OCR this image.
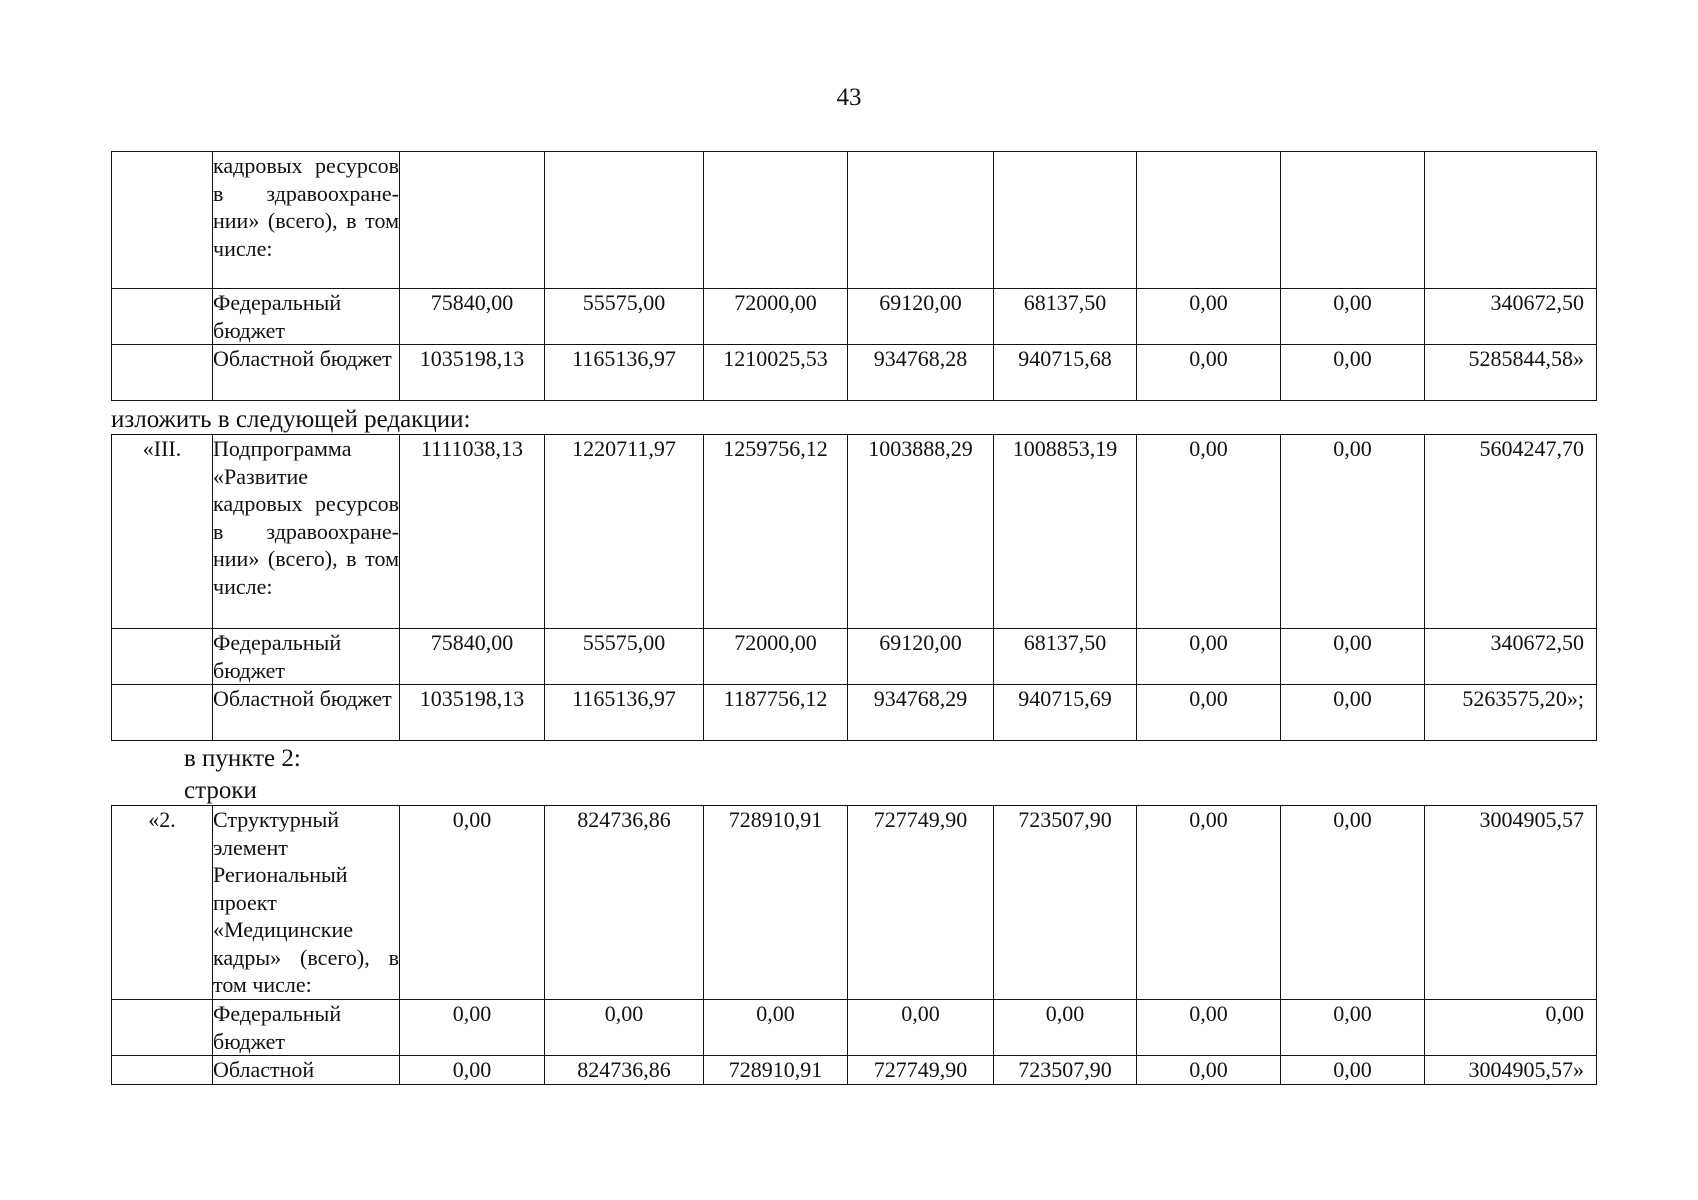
43
	кадровых ресурсов в здравоохране-нии» (всего), в том числе:								
	Федеральный бюджет	75840,00	55575,00	72000,00	69120,00	68137,50	0,00	0,00	340672,50
	Областной бюджет	1035198,13	1165136,97	1210025,53	934768,28	940715,68	0,00	0,00	5285844,58»
изложить в следующей редакции:
«III.	Подпрограмма «Развитие кадровых ресурсов в здравоохране-нии» (всего), в том числе:	1111038,13	1220711,97	1259756,12	1003888,29	1008853,19	0,00	0,00	5604247,70
	Федеральный бюджет	75840,00	55575,00	72000,00	69120,00	68137,50	0,00	0,00	340672,50
	Областной бюджет	1035198,13	1165136,97	1187756,12	934768,29	940715,69	0,00	0,00	5263575,20»;
в пункте 2:
строки
«2.	Структурный элемент Региональный проект «Медицинские кадры» (всего), в том числе:	0,00	824736,86	728910,91	727749,90	723507,90	0,00	0,00	3004905,57
	Федеральный бюджет	0,00	0,00	0,00	0,00	0,00	0,00	0,00	0,00
	Областной	0,00	824736,86	728910,91	727749,90	723507,90	0,00	0,00	3004905,57»
